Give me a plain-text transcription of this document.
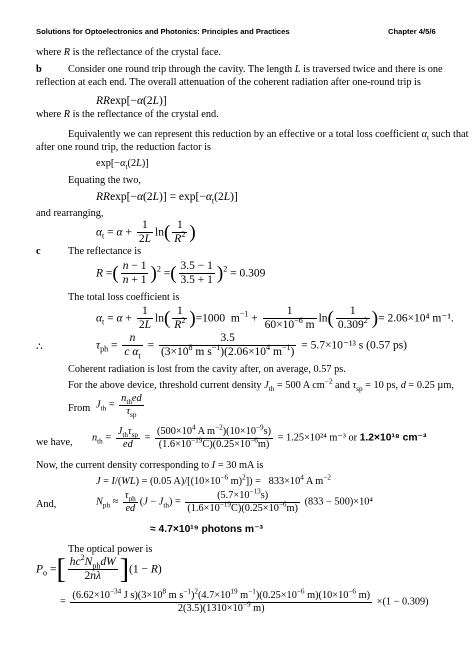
Solutions for Optoelectronics and Photonics: Principles and Practices	Chapter 4/5/6
where R is the reflectance of the crystal face.
b	Consider one round trip through the cavity. The length L is traversed twice and there is one
reflection at each end. The overall attenuation of the coherent radiation after one-round trip is
RRexp[−α(2L)]
where R is the reflectance of the crystal end.
Equivalently we can represent this reduction by an effective or a total loss coefficient $\alpha_t$ such that
after one round trip, the reduction factor is
$\exp[-\alpha_t(2L)]$
Equating the two,
$RRexp[-\alpha(2L)] = \exp[-\alpha_t(2L)]$
and rearranging,
$\alpha_t = \alpha + \frac{1}{2L} \ln( \frac{1}{R^2}$ )
c	The reflectance is
R =( $\frac{n - 1}{n + 1} )^2$ =( $\frac{3.5 - 1}{3.5 + 1} )^2 = 0.309$
The total loss coefficient is
$\alpha_t = \alpha + \frac{1}{2L} \ln( \frac{1}{R^2} )=1000$  $m^{-1} + \frac{1}{60\times 10^{-6} m} \ln( \frac{1}{0.309^2}$ )= 2.06×10⁴ m⁻¹.
∴	$\tau_{ph} = \frac{n}{c \alpha_t} = \frac{3.5}{(3\times 10^8 m s^{-1})(2.06\times 10^4 m^{-1})} = 5.7\times 10^{-13}$ s (0.57 ps)
Coherent radiation is lost from the cavity after, on average, 0.57 ps.
For the above device, threshold current density $J_{th} = 500$ A $cm^{-2}$ and $\tau_{sp} = 10$ ps, d = 0.25 µm,
From $J_{th} = \frac{n_{th}ed}{\tau_{sp}}$
we have, $n_{th} = \frac{J_{th}\tau_{sp}}{ed} = \frac{(500\times 10^4 A m^{-2})(10\times 10^{-9}s)}{(1.6\times 10^{-19}C)(0.25\times 10^{-6}m)} = 1.25\times 10^{24}$ m⁻³ or 1.2×10¹⁸ cm⁻³
Now, the current density corresponding to I = 30 mA is
J = I/(WL) = (0.05 $A)/[(10\times 10^{-6}$ $m)^2]) = 833\times 10^4$ A $m^{-2}$
And,	$N_{ph} \approx \frac{\tau_{ph}}{ed} (J - J_{th}) = \frac{(5.7\times 10^{-13}s)}{(1.6\times 10^{-19}C)(0.25\times 10^{-6}m)} (833 - 500)\times 10^4$
≈ 4.7×10¹⁹ photons m⁻³
The optical power is
$P_o$ =[ $\frac{hc^2N_{ph}dW}{2n\lambda} ](1 - R)$
=
($6.62\times 10^{-34}$ J $s)(3\times 10^8$ m $s^{-1})^2(4.7\times 10^{19}$ $m^{-1})(0.25\times 10^{-6}$ $m)(10\times 10^{-6}$ m)
$2(3.5)(1310\times 10^{-9}$ m)
×(1 − 0.309)
